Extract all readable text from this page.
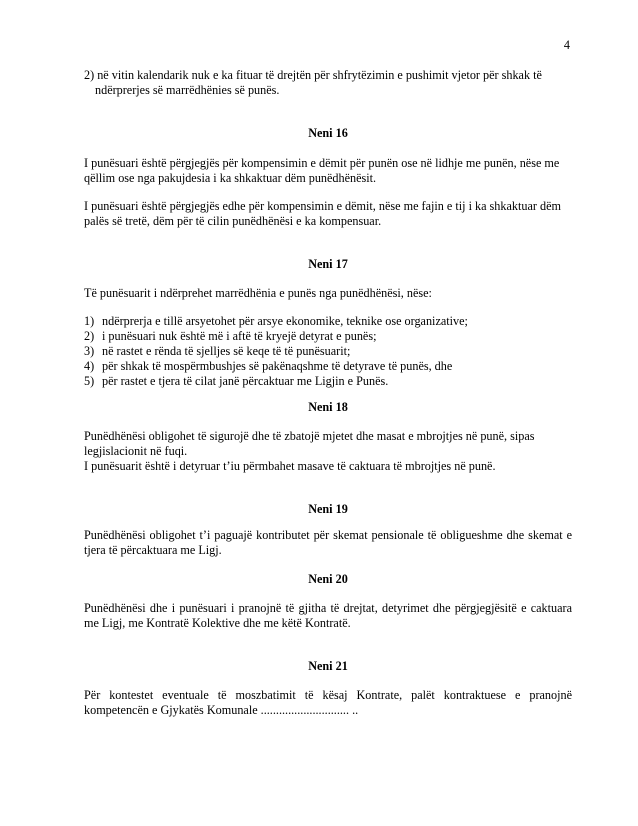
4

2) në vitin kalendarik nuk e ka fituar të drejtën për shfrytëzimin e pushimit vjetor për shkak të ndërprerjes së marrëdhënies së punës.

Neni 16

I punësuari është përgjegjës për kompensimin e dëmit për punën ose në lidhje me punën, nëse me qëllim ose nga pakujdesia i ka shkaktuar dëm punëdhënësit.

I punësuari është përgjegjës edhe për kompensimin e dëmit, nëse me fajin e tij i ka shkaktuar dëm palës së tretë, dëm për të cilin punëdhënësi e ka kompensuar.

Neni 17

Të punësuarit i ndërprehet marrëdhënia e punës nga punëdhënësi, nëse:

1) ndërprerja e tillë arsyetohet për arsye ekonomike, teknike ose organizative;
2) i punësuari nuk është më i aftë të kryejë detyrat e punës;
3) në rastet e rënda të sjelljes së keqe të të punësuarit;
4) për shkak të mospërmbushjes së pakënaqshme të detyrave të punës, dhe
5) për rastet e tjera të cilat janë përcaktuar me Ligjin e Punës.
Neni 18

Punëdhënësi obligohet të sigurojë dhe të zbatojë mjetet dhe masat e mbrojtjes në punë, sipas legjislacionit në fuqi.

I punësuarit është i detyruar t’iu përmbahet masave të caktuara të mbrojtjes në punë.

Neni 19

Punëdhënësi obligohet t’i paguajë kontributet për skemat pensionale të obligueshme dhe skemat e tjera të përcaktuara me Ligj.

Neni 20

Punëdhënësi dhe i punësuari i pranojnë të gjitha të drejtat, detyrimet dhe përgjegjësitë e caktuara me Ligj, me Kontratë Kolektive dhe me këtë Kontratë.

Neni 21

Për kontestet eventuale të moszbatimit të kësaj Kontrate, palët kontraktuese e pranojnë kompetencën e Gjykatës Komunale ............................. ..
